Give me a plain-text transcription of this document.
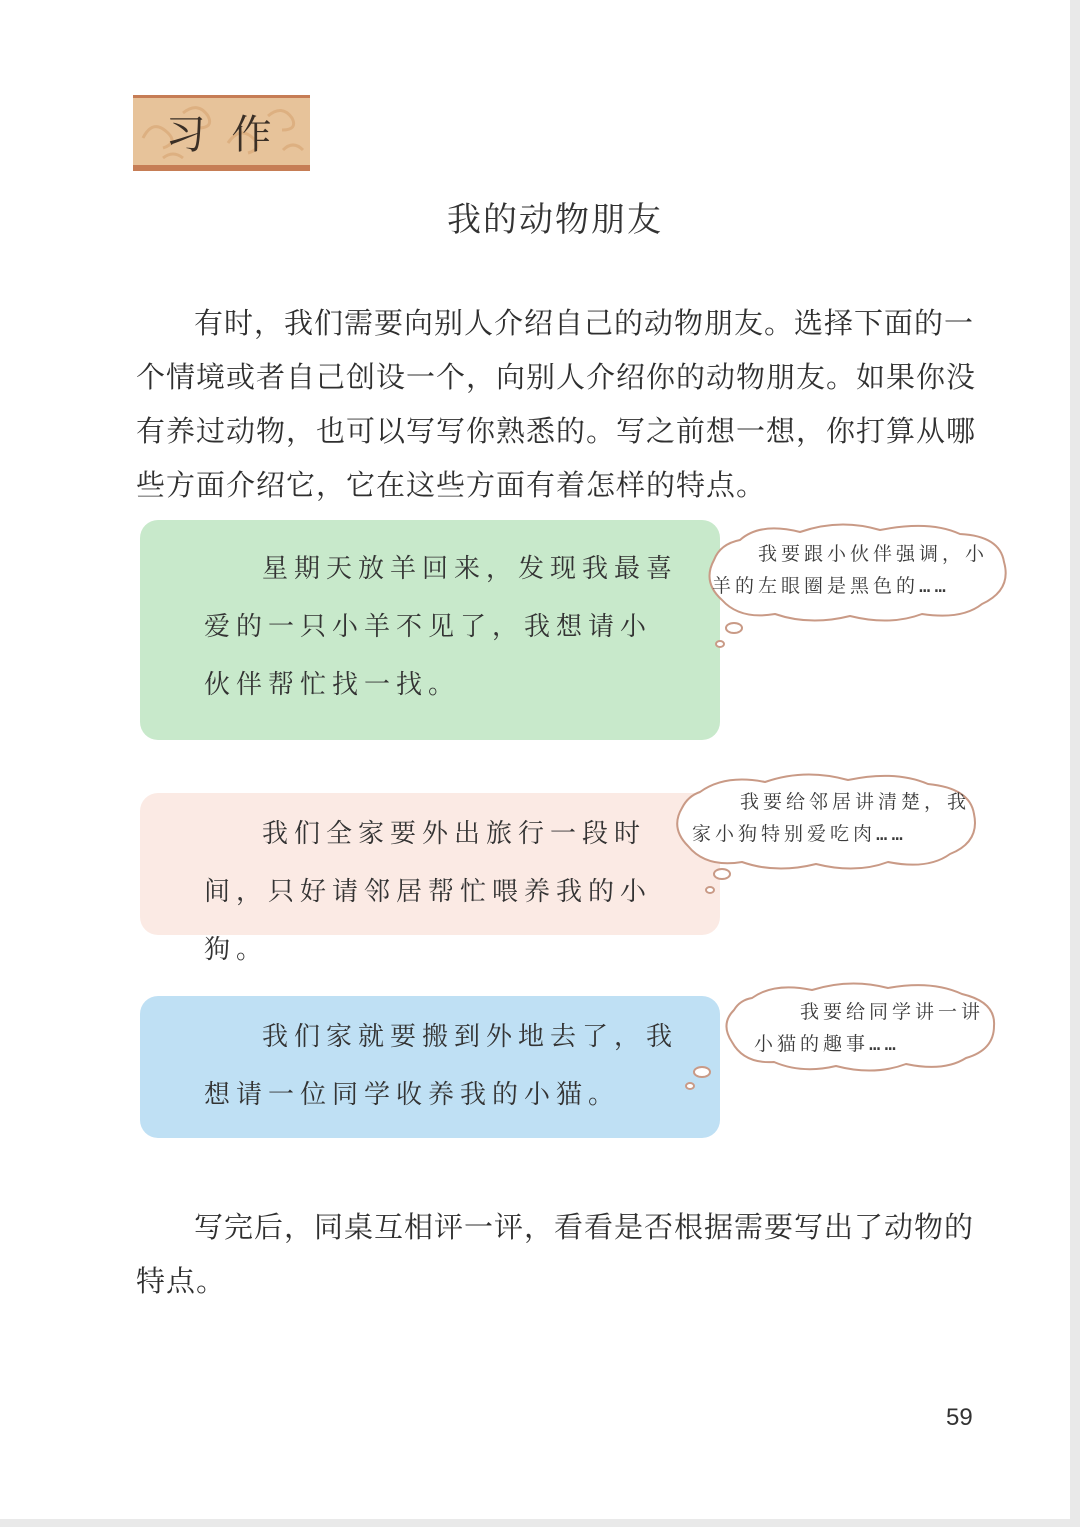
习作
我的动物朋友
有时，我们需要向别人介绍自己的动物朋友。选择下面的一个情境或者自己创设一个，向别人介绍你的动物朋友。如果你没有养过动物，也可以写写你熟悉的。写之前想一想，你打算从哪些方面介绍它，它在这些方面有着怎样的特点。
星期天放羊回来，发现我最喜爱的一只小羊不见了，我想请小伙伴帮忙找一找。
我要跟小伙伴强调，小羊的左眼圈是黑色的……
我们全家要外出旅行一段时间，只好请邻居帮忙喂养我的小狗。
我要给邻居讲清楚，我家小狗特别爱吃肉……
我们家就要搬到外地去了，我想请一位同学收养我的小猫。
我要给同学讲一讲小猫的趣事……
写完后，同桌互相评一评，看看是否根据需要写出了动物的特点。
59
